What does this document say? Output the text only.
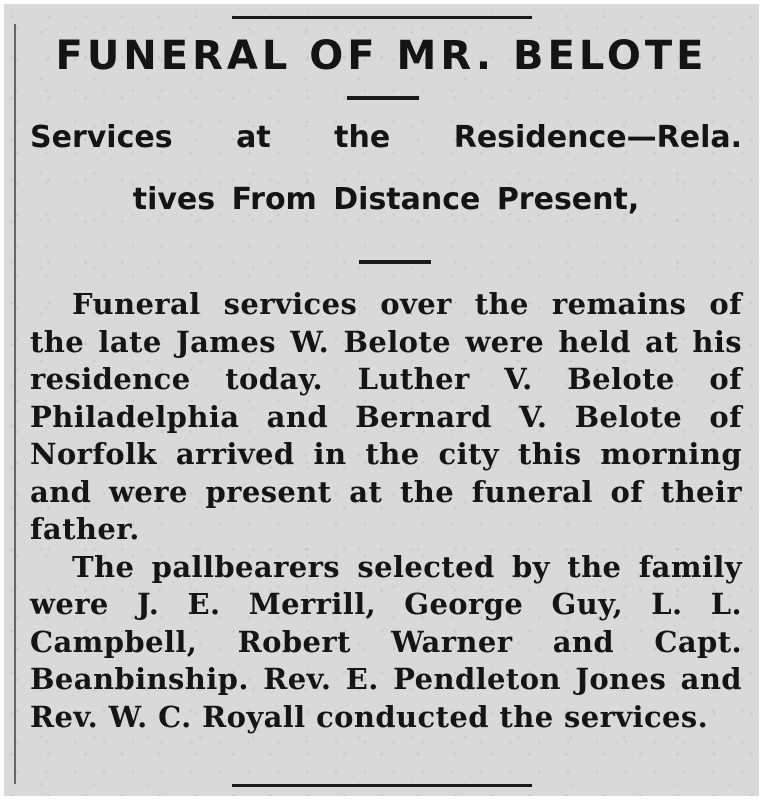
FUNERAL OF MR. BELOTE
Services at the Residence—Rela.
tives From Distance Present,

Funeral services over the remains of the late James W. Belote were held at his residence today. Luther V. Belote of Philadelphia and Bernard V. Belote of Norfolk arrived in the city this morning and were present at the funeral of their father.

The pallbearers selected by the family were J. E. Merrill, George Guy, L. L. Campbell, Robert Warner and Capt. Beanbinship. Rev. E. Pendleton Jones and Rev. W. C. Royall conducted the services.
